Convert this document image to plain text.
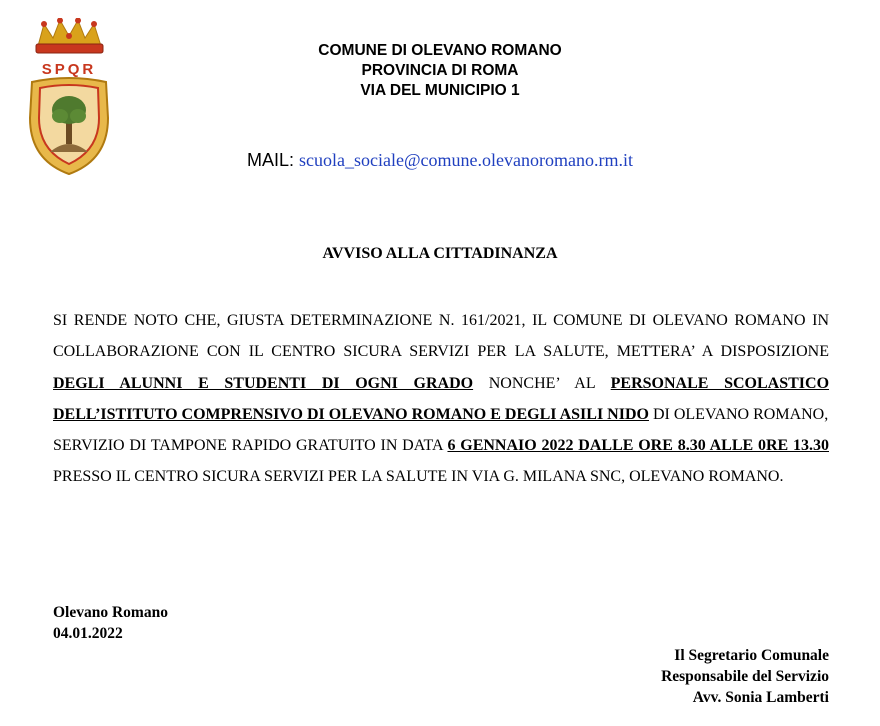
SPQR
COMUNE DI OLEVANO ROMANO
PROVINCIA DI ROMA
VIA DEL MUNICIPIO 1
MAIL: scuola_sociale@comune.olevanoromano.rm.it
AVVISO ALLA CITTADINANZA

SI RENDE NOTO CHE, GIUSTA DETERMINAZIONE N. 161/2021, IL COMUNE DI OLEVANO ROMANO IN COLLABORAZIONE CON IL CENTRO SICURA SERVIZI PER LA SALUTE, METTERA’ A DISPOSIZIONE DEGLI ALUNNI E STUDENTI DI OGNI GRADO NONCHE’ AL PERSONALE SCOLASTICO DELL’ISTITUTO COMPRENSIVO DI OLEVANO ROMANO E DEGLI ASILI NIDO DI OLEVANO ROMANO,

SERVIZIO DI TAMPONE RAPIDO GRATUITO IN DATA 6 GENNAIO 2022 DALLE ORE 8.30 ALLE 0RE 13.30 PRESSO IL CENTRO SICURA SERVIZI PER LA SALUTE IN VIA G. MILANA SNC, OLEVANO ROMANO.

Olevano Romano
04.01.2022
Il Segretario Comunale
Responsabile del Servizio
Avv. Sonia Lamberti
